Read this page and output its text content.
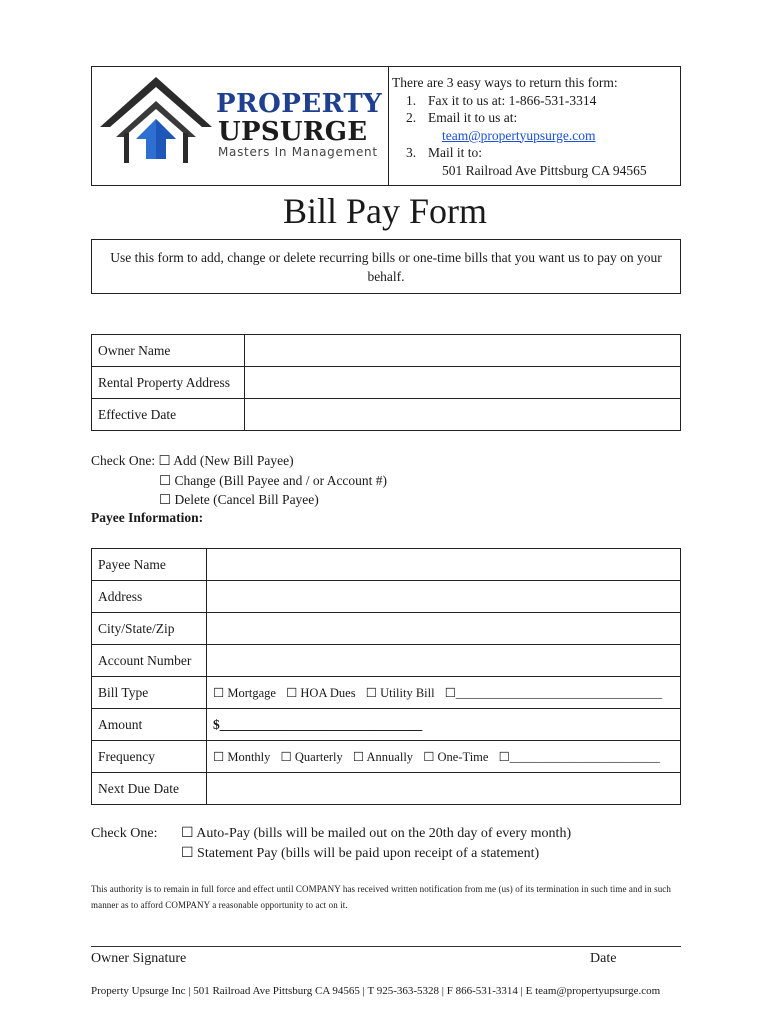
PROPERTY
UPSURGE
Masters In Management
There are 3 easy ways to return this form:
1. Fax it to us at: 1-866-531-3314
2. Email it to us at:
team@propertyupsurge.com
3. Mail it to:
501 Railroad Ave Pittsburg CA 94565
Bill Pay Form
Use this form to add, change or delete recurring bills or one-time bills that you want us to pay on your behalf.
Owner Name	
Rental Property Address	
Effective Date	
Check One:
☐ Add (New Bill Payee)
☐ Change (Bill Payee and / or Account #)
☐ Delete (Cancel Bill Payee)
Payee Information:
Payee Name	
Address	
City/State/Zip	
Account Number	
Bill Type	☐ Mortgage ☐ HOA Dues ☐ Utility Bill ☐_________________________________
Amount	$______________________________
Frequency	☐ Monthly ☐ Quarterly ☐ Annually ☐ One-Time ☐________________________
Next Due Date	
Check One:	☐ Auto-Pay (bills will be mailed out on the 20th day of every month)
☐ Statement Pay (bills will be paid upon receipt of a statement)
This authority is to remain in full force and effect until COMPANY has received written notification from me (us) of its termination in such time and in such manner as to afford COMPANY a reasonable opportunity to act on it.
Owner Signature	Date
Property Upsurge Inc | 501 Railroad Ave Pittsburg CA 94565 | T 925-363-5328 | F 866-531-3314 | E team@propertyupsurge.com
